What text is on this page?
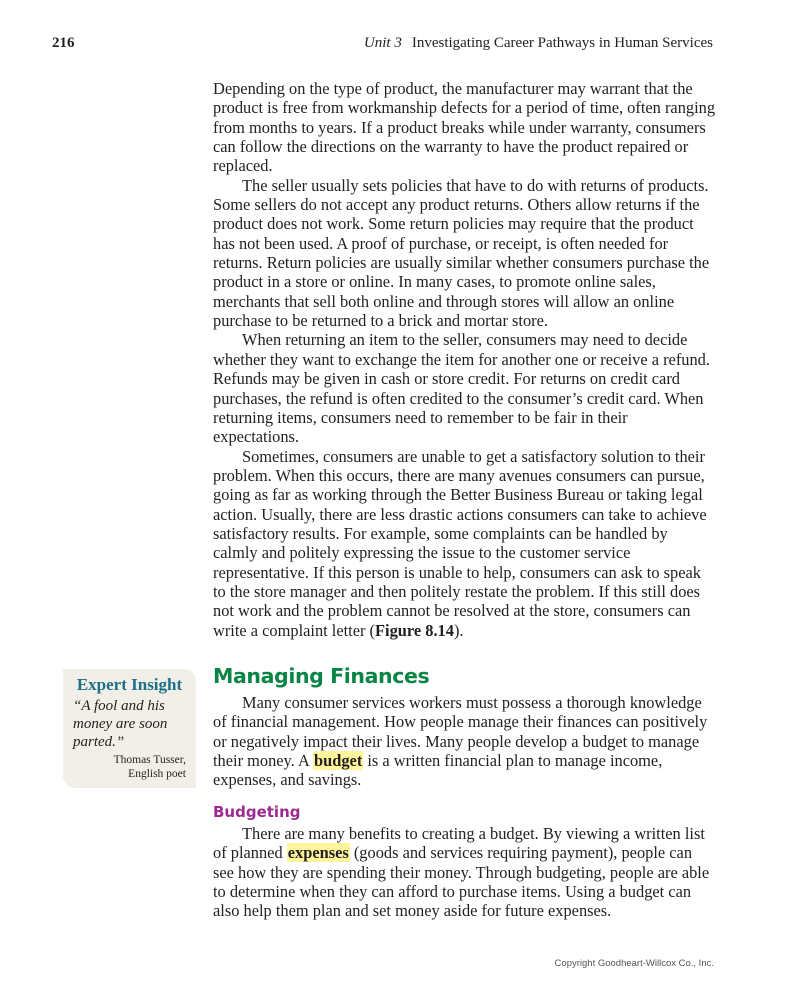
216	Unit 3 Investigating Career Pathways in Human Services

Depending on the type of product, the manufacturer may warrant that the product is free from workmanship defects for a period of time, often ranging from months to years. If a product breaks while under warranty, consumers can follow the directions on the warranty to have the product repaired or replaced.

The seller usually sets policies that have to do with returns of products. Some sellers do not accept any product returns. Others allow returns if the product does not work. Some return policies may require that the product has not been used. A proof of purchase, or receipt, is often needed for returns. Return policies are usually similar whether consumers purchase the product in a store or online. In many cases, to promote online sales, merchants that sell both online and through stores will allow an online purchase to be returned to a brick and mortar store.

When returning an item to the seller, consumers may need to decide whether they want to exchange the item for another one or receive a refund. Refunds may be given in cash or store credit. For returns on credit card purchases, the refund is often credited to the consumer’s credit card. When returning items, consumers need to remember to be fair in their expectations.

Sometimes, consumers are unable to get a satisfactory solution to their problem. When this occurs, there are many avenues consumers can pursue, going as far as working through the Better Business Bureau or taking legal action. Usually, there are less drastic actions consumers can take to achieve satisfactory results. For example, some complaints can be handled by calmly and politely expressing the issue to the customer service representative. If this person is unable to help, consumers can ask to speak to the store manager and then politely restate the problem. If this still does not work and the problem cannot be resolved at the store, consumers can write a complaint letter (Figure 8.14).

Expert Insight
“A fool and his money are soon parted.”
Thomas Tusser,
English poet
Managing Finances

Many consumer services workers must possess a thorough knowledge of financial management. How people manage their finances can positively or negatively impact their lives. Many people develop a budget to manage their money. A budget is a written financial plan to manage income, expenses, and savings.

Budgeting

There are many benefits to creating a budget. By viewing a written list of planned expenses (goods and services requiring payment), people can see how they are spending their money. Through budgeting, people are able to determine when they can afford to purchase items. Using a budget can also help them plan and set money aside for future expenses.

Copyright Goodheart-Willcox Co., Inc.
